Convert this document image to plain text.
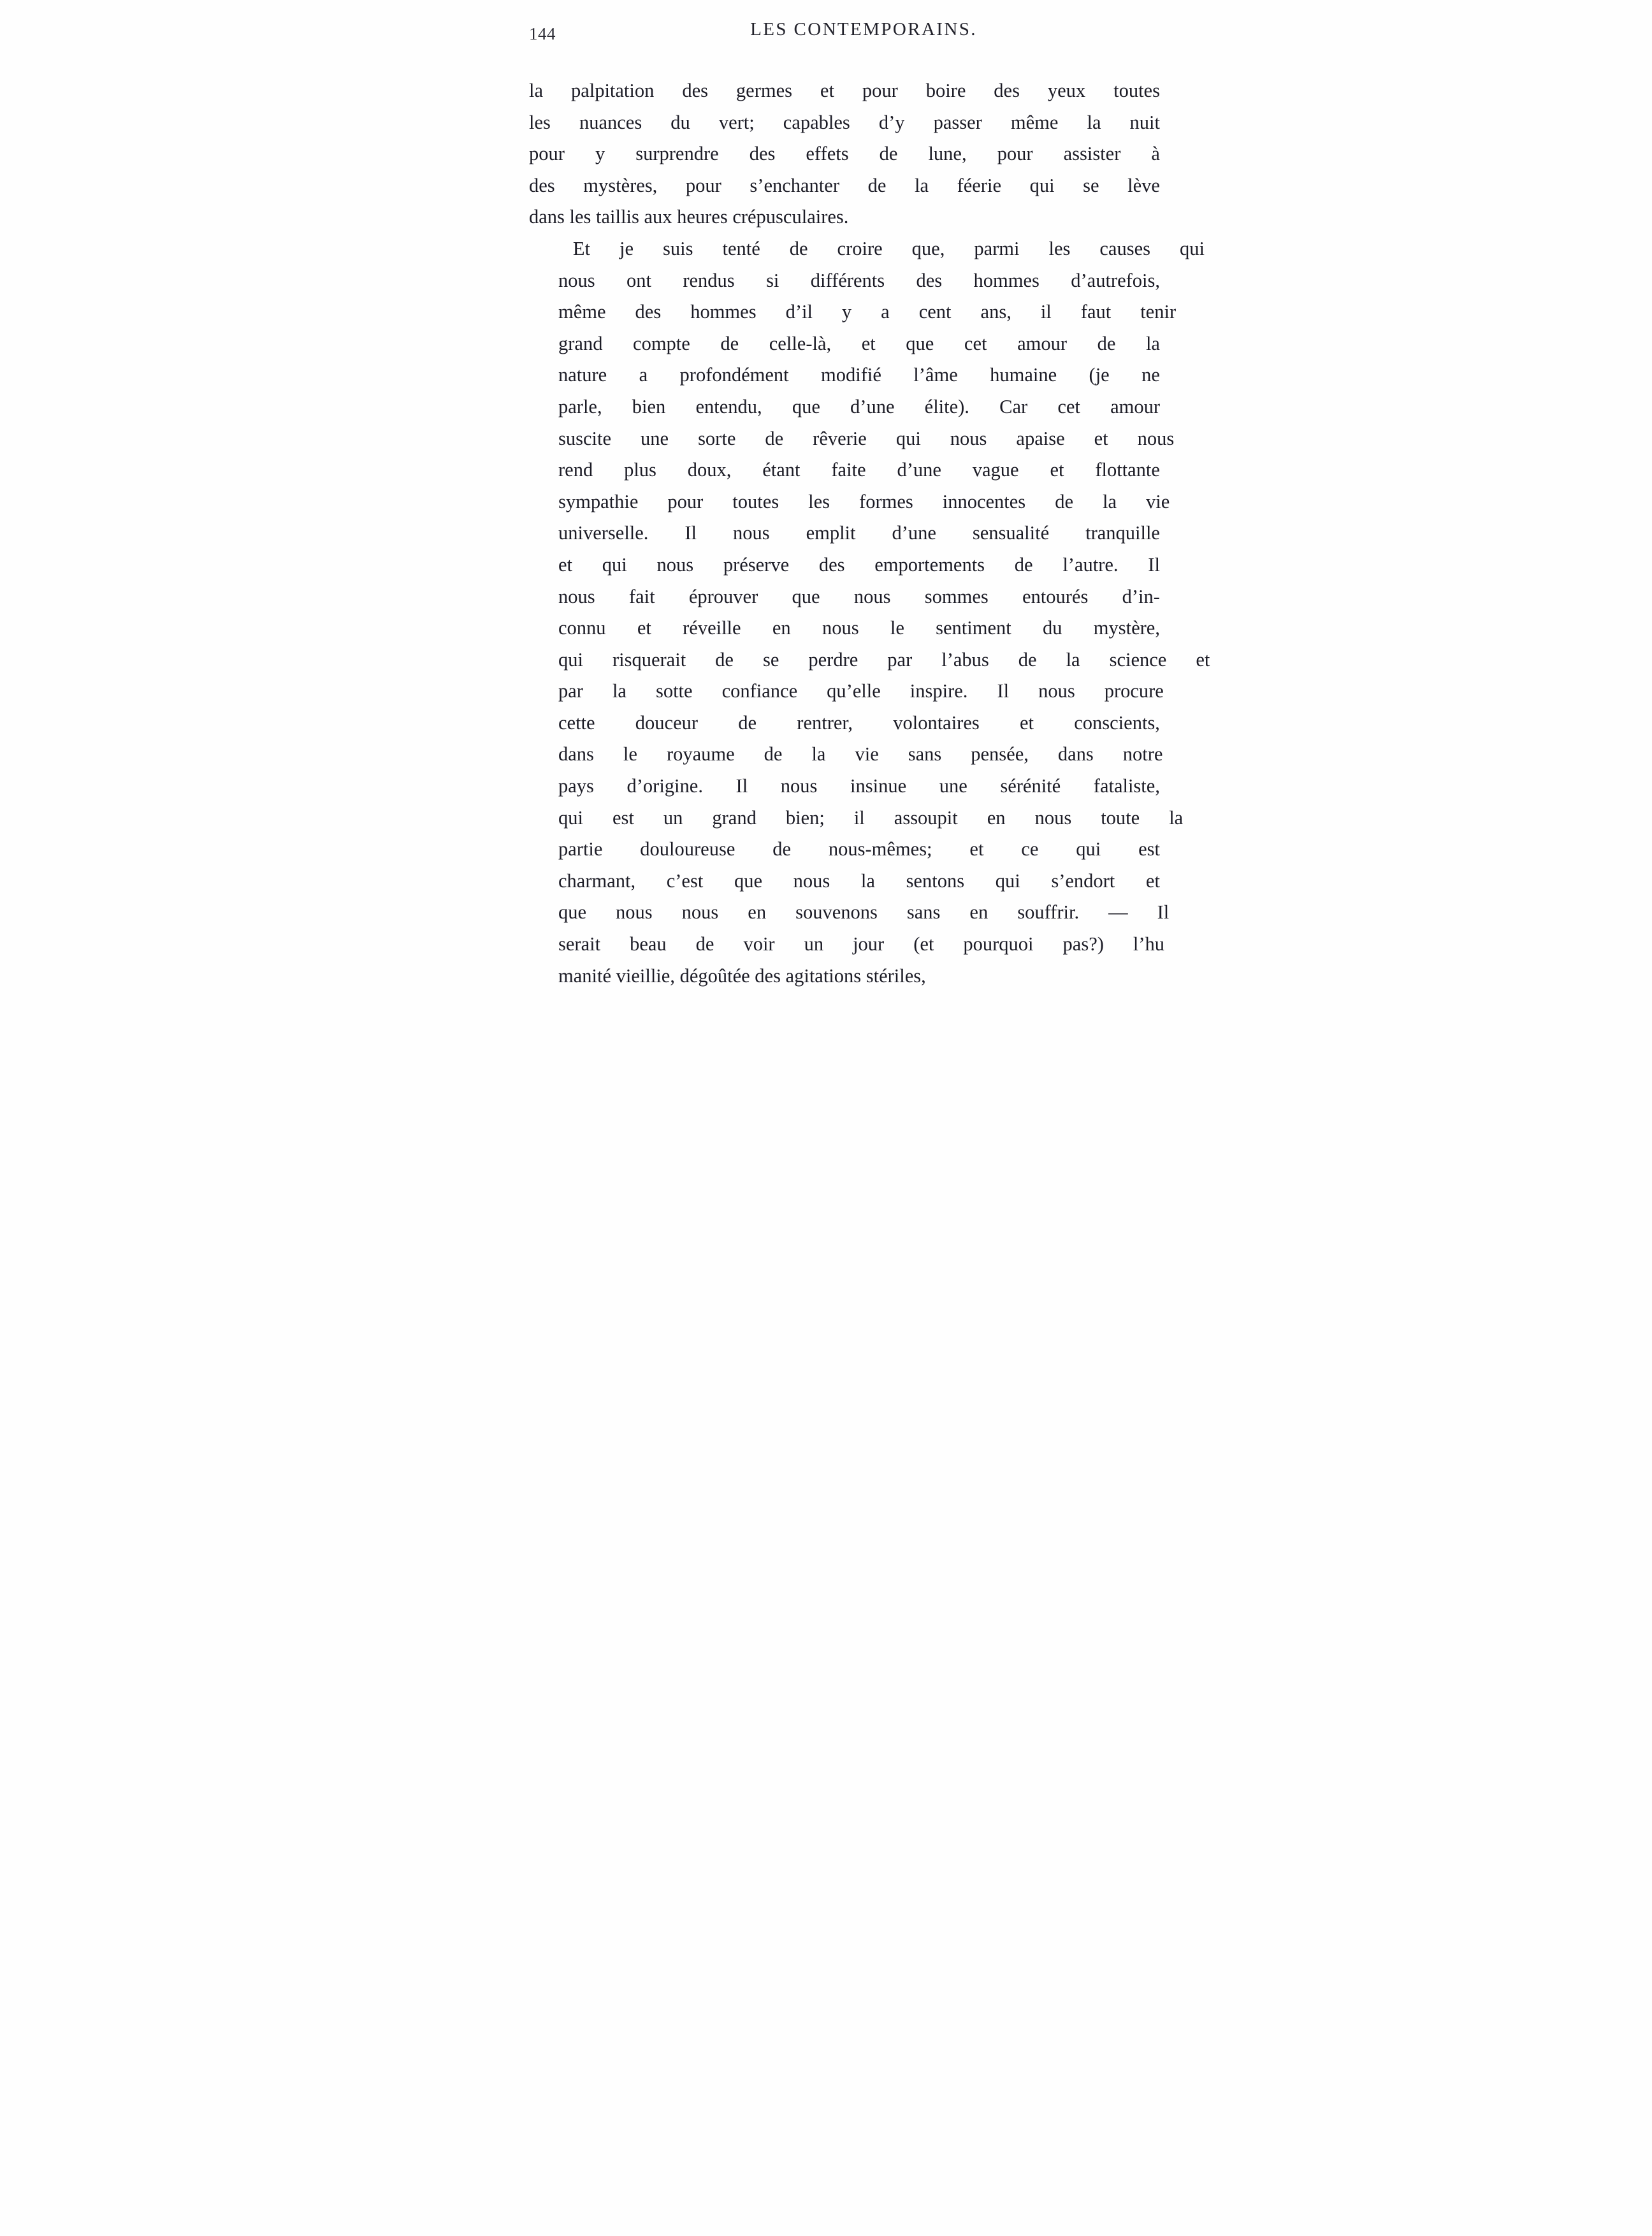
144	LES CONTEMPORAINS.

la palpitation des germes et pour boire des yeux toutes
les nuances du vert; capables d’y passer même la nuit
pour y surprendre des effets de lune, pour assister à
des mystères, pour s’enchanter de la féerie qui se lève
dans les taillis aux heures crépusculaires.

Et	je	suis	tenté	de	croire	que,	parmi	les	causes	qui
nous	ont	rendus	si	différents	des	hommes	d’autrefois,
même	des	hommes	d’il	y	a	cent	ans,	il	faut	tenir
grand	compte	de	celle-là,	et	que	cet	amour	de	la
nature	a	profondément	modifié	l’âme	humaine	(je	ne
parle,	bien	entendu,	que	d’une	élite).	Car	cet	amour
suscite	une	sorte	de	rêverie	qui	nous	apaise	et	nous
rend	plus	doux,	étant	faite	d’une	vague	et	flottante
sympathie	pour	toutes	les	formes	innocentes	de	la	vie
universelle.	Il	nous	emplit	d’une	sensualité	tranquille
et	qui	nous	préserve	des	emportements	de	l’autre.	Il
nous	fait	éprouver	que	nous	sommes	entourés	d’in-
connu	et	réveille	en	nous	le	sentiment	du	mystère,
qui	risquerait	de	se	perdre	par	l’abus	de	la	science	et
par	la	sotte	confiance	qu’elle	inspire.	Il	nous	procure
cette	douceur	de	rentrer,	volontaires	et	conscients,
dans	le	royaume	de	la	vie	sans	pensée,	dans	notre
pays	d’origine.	Il	nous	insinue	une	sérénité	fataliste,
qui	est	un	grand	bien;	il	assoupit	en	nous	toute	la
partie	douloureuse	de	nous-mêmes;	et	ce	qui	est
charmant,	c’est	que	nous	la	sentons	qui	s’endort	et
que	nous	nous	en	souvenons	sans	en	souffrir.	—	Il
serait	beau	de	voir	un	jour	(et	pourquoi	pas?)	l’hu
manité vieillie, dégoûtée des agitations stériles,
